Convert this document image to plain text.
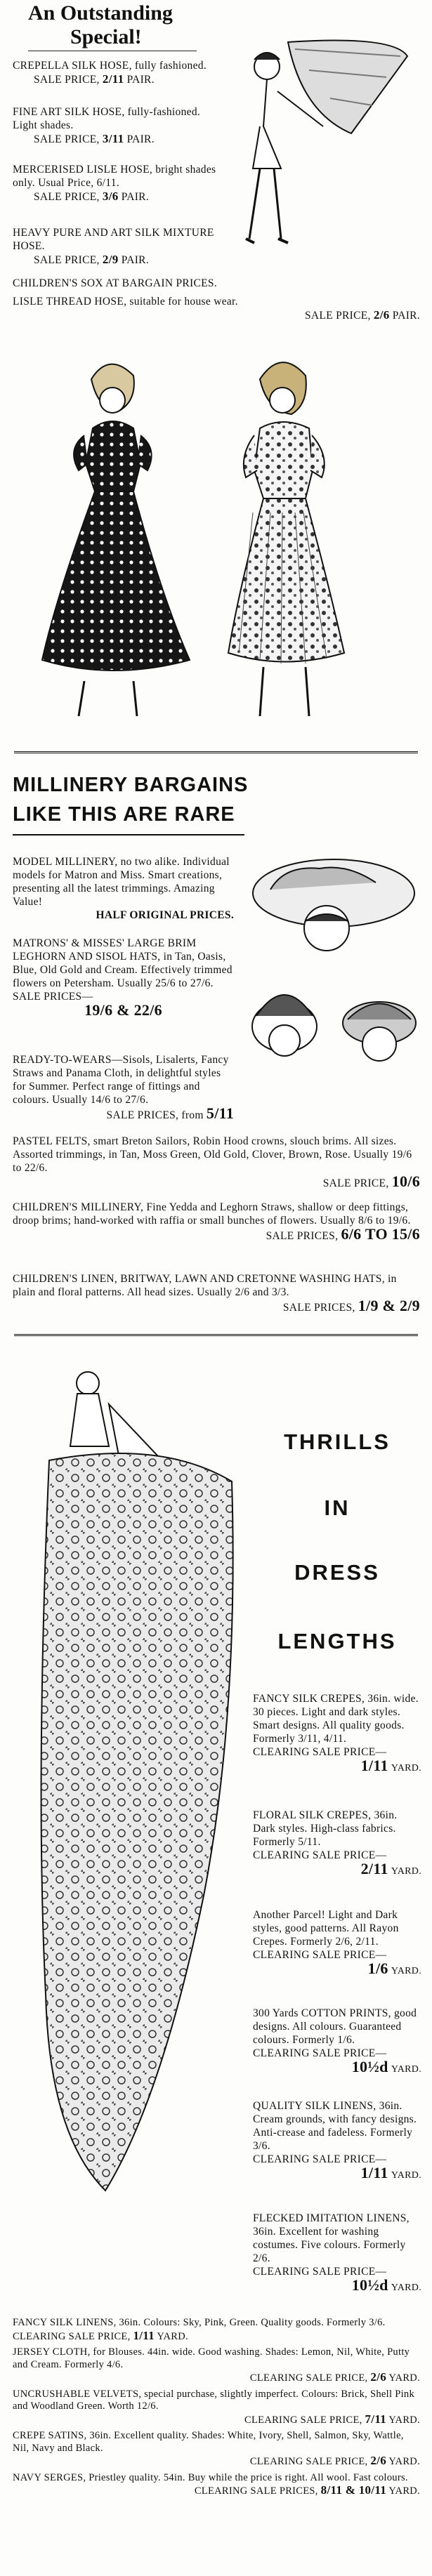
An Outstanding
Special!
CREPELLA SILK HOSE, fully fashioned.
SALE PRICE, 2/11 PAIR.
FINE ART SILK HOSE, fully-fashioned. Light shades.
SALE PRICE, 3/11 PAIR.
MERCERISED LISLE HOSE, bright shades only. Usual Price, 6/11.
SALE PRICE, 3/6 PAIR.
HEAVY PURE AND ART SILK MIXTURE HOSE.
SALE PRICE, 2/9 PAIR.
CHILDREN'S SOX AT BARGAIN PRICES.
LISLE THREAD HOSE, suitable for house wear.
SALE PRICE, 2/6 PAIR.
MILLINERY BARGAINS
LIKE THIS ARE RARE
MODEL MILLINERY, no two alike. Individual models for Matron and Miss. Smart creations, presenting all the latest trimmings. Amazing Value!
HALF ORIGINAL PRICES.
MATRONS' & MISSES' LARGE BRIM LEGHORN AND SISOL HATS, in Tan, Oasis, Blue, Old Gold and Cream. Effectively trimmed flowers on Petersham. Usually 25/6 to 27/6.
SALE PRICES—
19/6 & 22/6
READY-TO-WEARS—Sisols, Lisalerts, Fancy Straws and Panama Cloth, in delightful styles for Summer. Perfect range of fittings and colours. Usually 14/6 to 27/6.
SALE PRICES, from 5/11
PASTEL FELTS, smart Breton Sailors, Robin Hood crowns, slouch brims. All sizes. Assorted trimmings, in Tan, Moss Green, Old Gold, Clover, Brown, Rose. Usually 19/6 to 22/6.
SALE PRICE, 10/6
CHILDREN'S MILLINERY, Fine Yedda and Leghorn Straws, shallow or deep fittings, droop brims; hand-worked with raffia or small bunches of flowers. Usually 8/6 to 19/6.
SALE PRICES, 6/6 TO 15/6
CHILDREN'S LINEN, BRITWAY, LAWN AND CRETONNE WASHING HATS, in plain and floral patterns. All head sizes. Usually 2/6 and 3/3.
SALE PRICES, 1/9 & 2/9
THRILLS
IN
DRESS
LENGTHS
FANCY SILK CREPES, 36in. wide. 30 pieces. Light and dark styles. Smart designs. All quality goods. Formerly 3/11, 4/11.
CLEARING SALE PRICE—
1/11 YARD.
FLORAL SILK CREPES, 36in. Dark styles. High-class fabrics. Formerly 5/11.
CLEARING SALE PRICE—
2/11 YARD.
Another Parcel! Light and Dark styles, good patterns. All Rayon Crepes. Formerly 2/6, 2/11.
CLEARING SALE PRICE—
1/6 YARD.
300 Yards COTTON PRINTS, good designs. All colours. Guaranteed colours. Formerly 1/6.
CLEARING SALE PRICE—
10½d YARD.
QUALITY SILK LINENS, 36in. Cream grounds, with fancy designs. Anti-crease and fadeless. Formerly 3/6.
CLEARING SALE PRICE—
1/11 YARD.
FLECKED IMITATION LINENS, 36in. Excellent for washing costumes. Five colours. Formerly 2/6.
CLEARING SALE PRICE—
10½d YARD.
FANCY SILK LINENS, 36in. Colours: Sky, Pink, Green. Quality goods. Formerly 3/6. CLEARING SALE PRICE, 1/11 YARD.
JERSEY CLOTH, for Blouses. 44in. wide. Good washing. Shades: Lemon, Nil, White, Putty and Cream. Formerly 4/6.
CLEARING SALE PRICE, 2/6 YARD.
UNCRUSHABLE VELVETS, special purchase, slightly imperfect. Colours: Brick, Shell Pink and Woodland Green. Worth 12/6.
CLEARING SALE PRICE, 7/11 YARD.
CREPE SATINS, 36in. Excellent quality. Shades: White, Ivory, Shell, Salmon, Sky, Wattle, Nil, Navy and Black.
CLEARING SALE PRICE, 2/6 YARD.
NAVY SERGES, Priestley quality. 54in. Buy while the price is right. All wool. Fast colours.
CLEARING SALE PRICES, 8/11 & 10/11 YARD.
